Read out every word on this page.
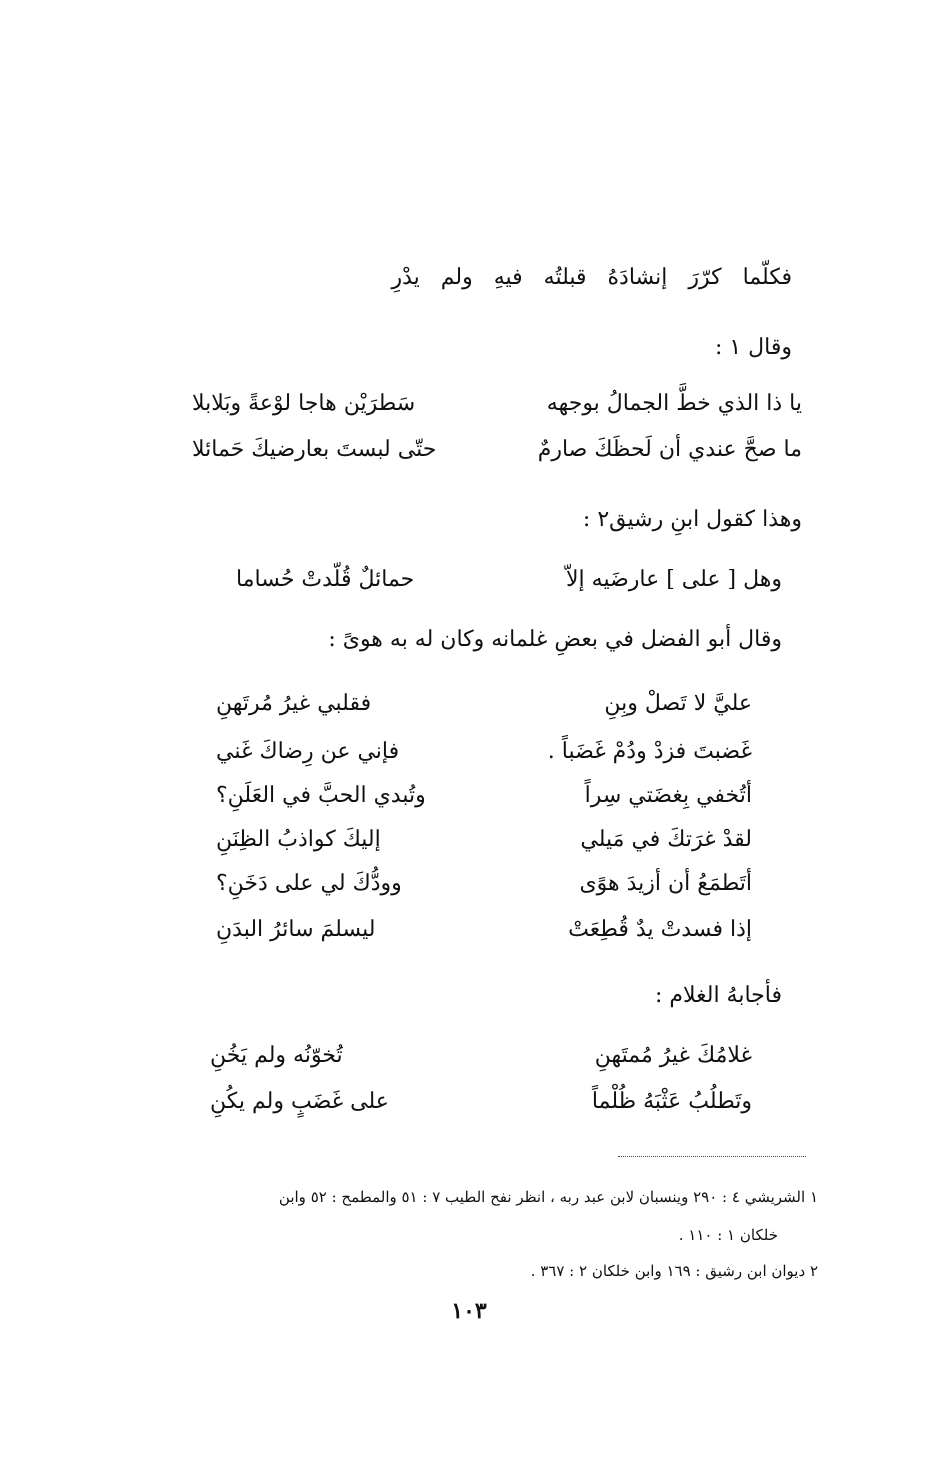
فكلّما كرّرَ إنشادَهُ قبلتُه فيهِ ولم يدْرِ
وقال ١ :
يا ذا الذي خطَّ الجمالُ بوجهه
سَطرَيْن هاجا لوْعةً وبَلابلا
ما صحَّ عندي أن لَحظَكَ صارمٌ
حتّى لبستَ بعارضيكَ حَمائلا
وهذا كقول ابنِ رشيق٢ :
وهل [ على ] عارضَيه إلاّ
حمائلٌ قُلّدتْ حُساما
وقال أبو الفضل في بعضِ غلمانه وكان له به هوىً :
عليَّ لا تَصلْ وبِنِ
فقلبي غيرُ مُرتَهنِ
غَضبتَ فزدْ ودُمْ غَضَباً .
فإني عن رِضاكَ غَني
أتُخفي بِغضَتي سِراً
وتُبدي الحبَّ في العَلَنِ؟
لقدْ غرَتكَ في مَيلي
إليكَ كواذبُ الظِنَنِ
أتَطمَعُ أن أزيدَ هوًى
وودُّكَ لي على دَخَنِ؟
إذا فسدتْ يدٌ قُطِعَتْ
ليسلمَ سائرُ البدَنِ
فأجابهُ الغلام :
غلامُكَ غيرُ مُمتَهنِ
تُخوّنُه ولم يَخُنِ
وتَطلُبُ عَثْبَهُ ظُلْماً
على غَضَبٍ ولم يكُنِ
١ الشريشي ٤ : ٢٩٠ وينسبان لابن عبد ربه ، انظر نفح الطيب ٧ : ٥١ والمطمح : ٥٢ وابن
خلكان ١ : ١١٠ .
٢ ديوان ابن رشيق : ١٦٩ وابن خلكان ٢ : ٣٦٧ .
١٠٣
